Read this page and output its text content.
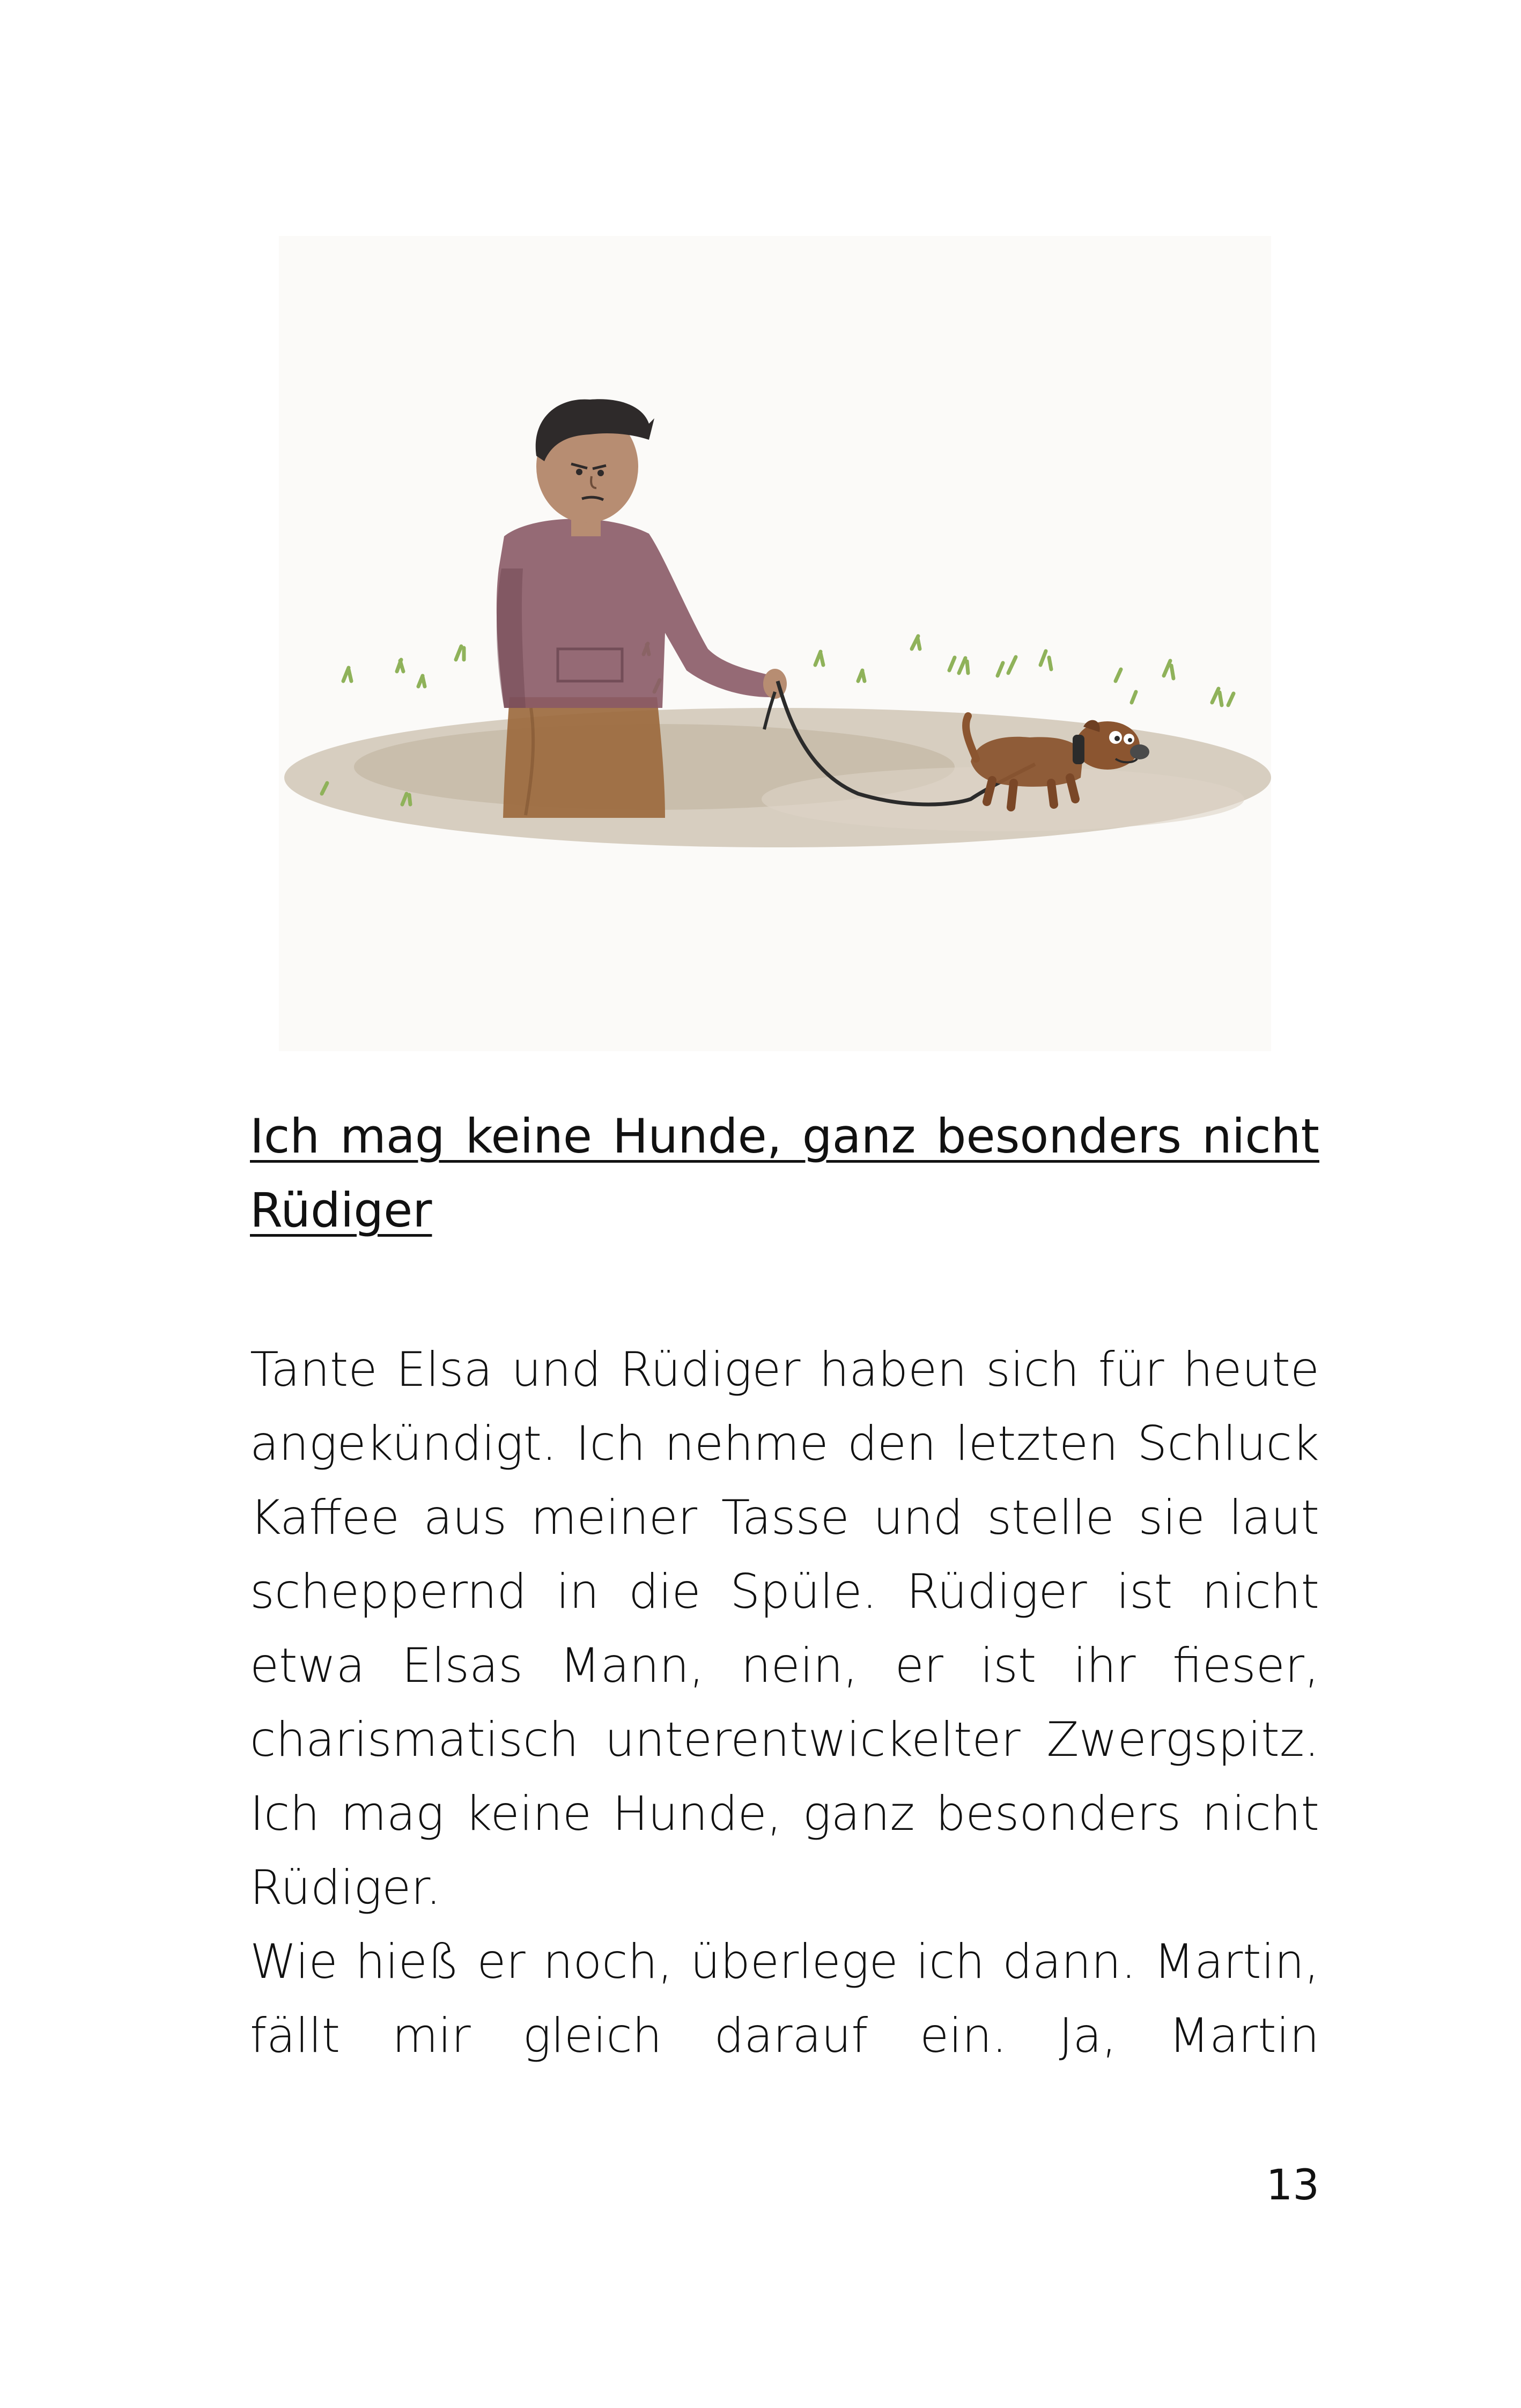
Ich mag keine Hunde, ganz besonders nicht Rüdiger

Tante Elsa und Rüdiger haben sich für heute angekündigt. Ich nehme den letzten Schluck Kaffee aus meiner Tasse und stelle sie laut scheppernd in die Spüle. Rüdiger ist nicht etwa Elsas Mann, nein, er ist ihr fieser, charismatisch unterentwickelter Zwergspitz. Ich mag keine Hunde, ganz besonders nicht Rüdiger.

Wie hieß er noch, überlege ich dann. Martin, fällt mir gleich darauf ein. Ja, Martin

13
